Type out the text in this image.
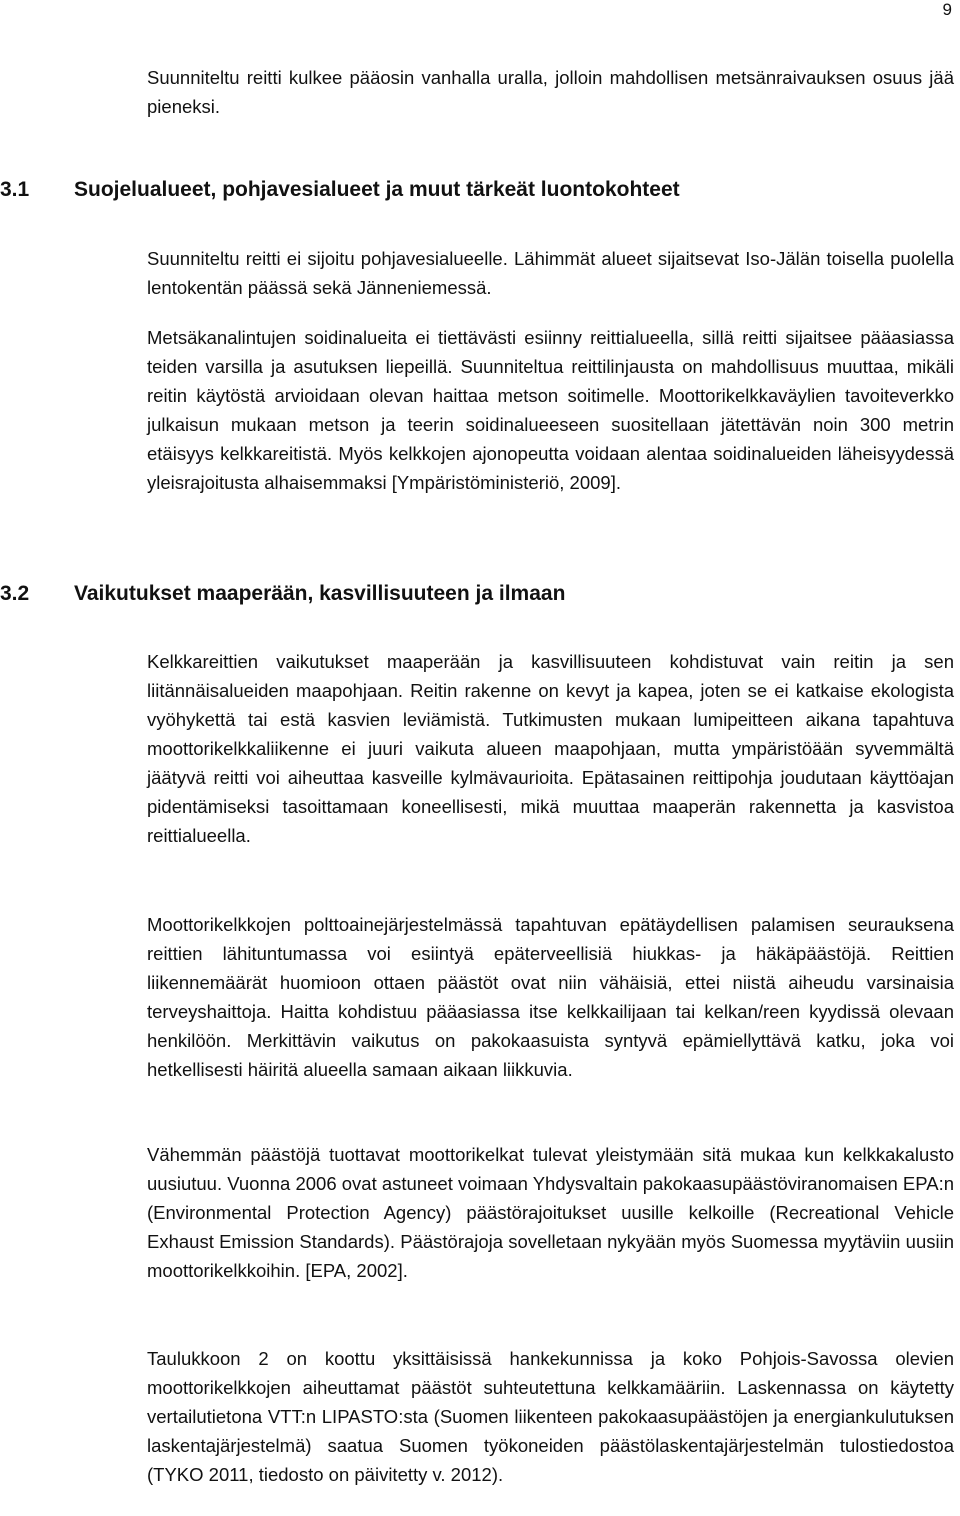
9

Suunniteltu reitti kulkee pääosin vanhalla uralla, jolloin mahdollisen metsänraivauksen osuus jää pieneksi.

3.1 Suojelualueet, pohjavesialueet ja muut tärkeät luontokohteet

Suunniteltu reitti ei sijoitu pohjavesialueelle. Lähimmät alueet sijaitsevat Iso-Jälän toisella puolella lentokentän päässä sekä Jänneniemessä.

Metsäkanalintujen soidinalueita ei tiettävästi esiinny reittialueella, sillä reitti sijaitsee pääasiassa teiden varsilla ja asutuksen liepeillä. Suunniteltua reittilinjausta on mahdollisuus muuttaa, mikäli reitin käytöstä arvioidaan olevan haittaa metson soitimelle. Moottorikelkkaväylien tavoiteverkko julkaisun mukaan metson ja teerin soidinalueeseen suositellaan jätettävän noin 300 metrin etäisyys kelkkareitistä. Myös kelkkojen ajonopeutta voidaan alentaa soidinalueiden läheisyydessä yleisrajoitusta alhaisemmaksi [Ympäristöministeriö, 2009].

3.2 Vaikutukset maaperään, kasvillisuuteen ja ilmaan

Kelkkareittien vaikutukset maaperään ja kasvillisuuteen kohdistuvat vain reitin ja sen liitännäisalueiden maapohjaan. Reitin rakenne on kevyt ja kapea, joten se ei katkaise ekologista vyöhykettä tai estä kasvien leviämistä. Tutkimusten mukaan lumipeitteen aikana tapahtuva moottorikelkkaliikenne ei juuri vaikuta alueen maapohjaan, mutta ympäristöään syvemmältä jäätyvä reitti voi aiheuttaa kasveille kylmävaurioita. Epätasainen reittipohja joudutaan käyttöajan pidentämiseksi tasoittamaan koneellisesti, mikä muuttaa maaperän rakennetta ja kasvistoa reittialueella.

Moottorikelkkojen polttoainejärjestelmässä tapahtuvan epätäydellisen palamisen seurauksena reittien lähituntumassa voi esiintyä epäterveellisiä hiukkas- ja häkäpäästöjä. Reittien liikennemäärät huomioon ottaen päästöt ovat niin vähäisiä, ettei niistä aiheudu varsinaisia terveyshaittoja. Haitta kohdistuu pääasiassa itse kelkkailijaan tai kelkan/reen kyydissä olevaan henkilöön. Merkittävin vaikutus on pakokaasuista syntyvä epämiellyttävä katku, joka voi hetkellisesti häiritä alueella samaan aikaan liikkuvia.

Vähemmän päästöjä tuottavat moottorikelkat tulevat yleistymään sitä mukaa kun kelkkakalusto uusiutuu. Vuonna 2006 ovat astuneet voimaan Yhdysvaltain pakokaasupäästöviranomaisen EPA:n (Environmental Protection Agency) päästörajoitukset uusille kelkoille (Recreational Vehicle Exhaust Emission Standards). Päästörajoja sovelletaan nykyään myös Suomessa myytäviin uusiin moottorikelkkoihin. [EPA, 2002].

Taulukkoon 2 on koottu yksittäisissä hankekunnissa ja koko Pohjois-Savossa olevien moottorikelkkojen aiheuttamat päästöt suhteutettuna kelkkamääriin. Laskennassa on käytetty vertailutietona VTT:n LIPASTO:sta (Suomen liikenteen pakokaasupäästöjen ja energiankulutuksen laskentajärjestelmä) saatua Suomen työkoneiden päästölaskentajärjestelmän tulostiedostoa (TYKO 2011, tiedosto on päivitetty v. 2012).
